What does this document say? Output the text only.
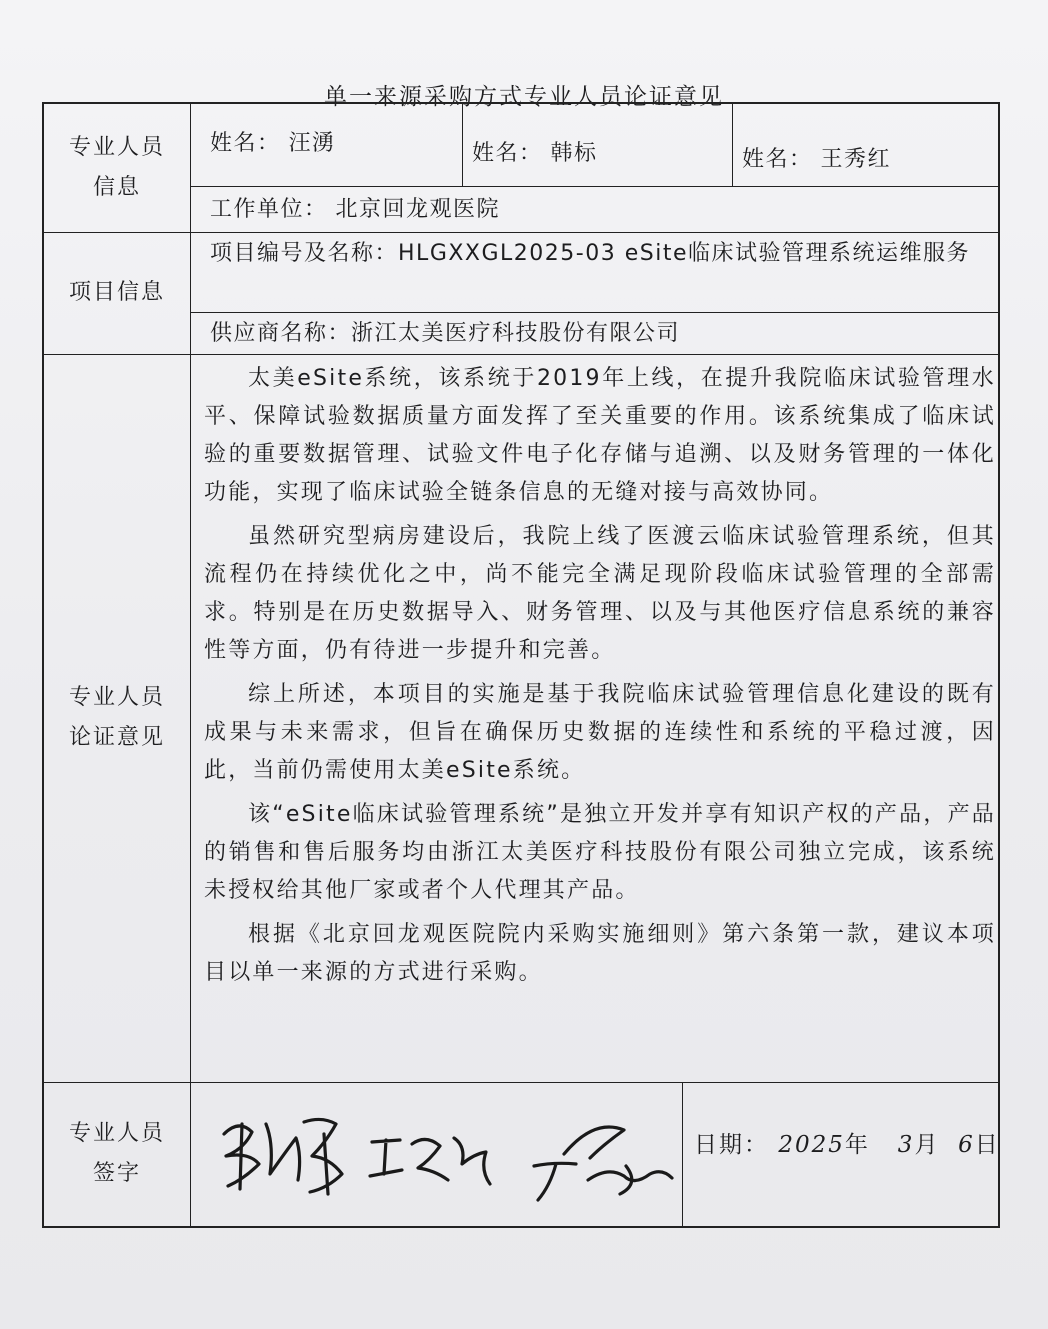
单一来源采购方式专业人员论证意见
专业人员
信息
姓名： 汪湧	姓名： 韩标	姓名： 王秀红
工作单位： 北京回龙观医院
项目信息
项目编号及名称：HLGXXGL2025-03 eSite临床试验管理系统运维服务
供应商名称：浙江太美医疗科技股份有限公司
专业人员
论证意见

太美eSite系统，该系统于2019年上线，在提升我院临床试验管理水平、保障试验数据质量方面发挥了至关重要的作用。该系统集成了临床试验的重要数据管理、试验文件电子化存储与追溯、以及财务管理的一体化功能，实现了临床试验全链条信息的无缝对接与高效协同。

虽然研究型病房建设后，我院上线了医渡云临床试验管理系统，但其流程仍在持续优化之中，尚不能完全满足现阶段临床试验管理的全部需求。特别是在历史数据导入、财务管理、以及与其他医疗信息系统的兼容性等方面，仍有待进一步提升和完善。

综上所述，本项目的实施是基于我院临床试验管理信息化建设的既有成果与未来需求，但旨在确保历史数据的连续性和系统的平稳过渡，因此，当前仍需使用太美eSite系统。

该“eSite临床试验管理系统”是独立开发并享有知识产权的产品，产品的销售和售后服务均由浙江太美医疗科技股份有限公司独立完成，该系统未授权给其他厂家或者个人代理其产品。

根据《北京回龙观医院院内采购实施细则》第六条第一款，建议本项目以单一来源的方式进行采购。

专业人员
签字
日期： 2025年 3月 6日
